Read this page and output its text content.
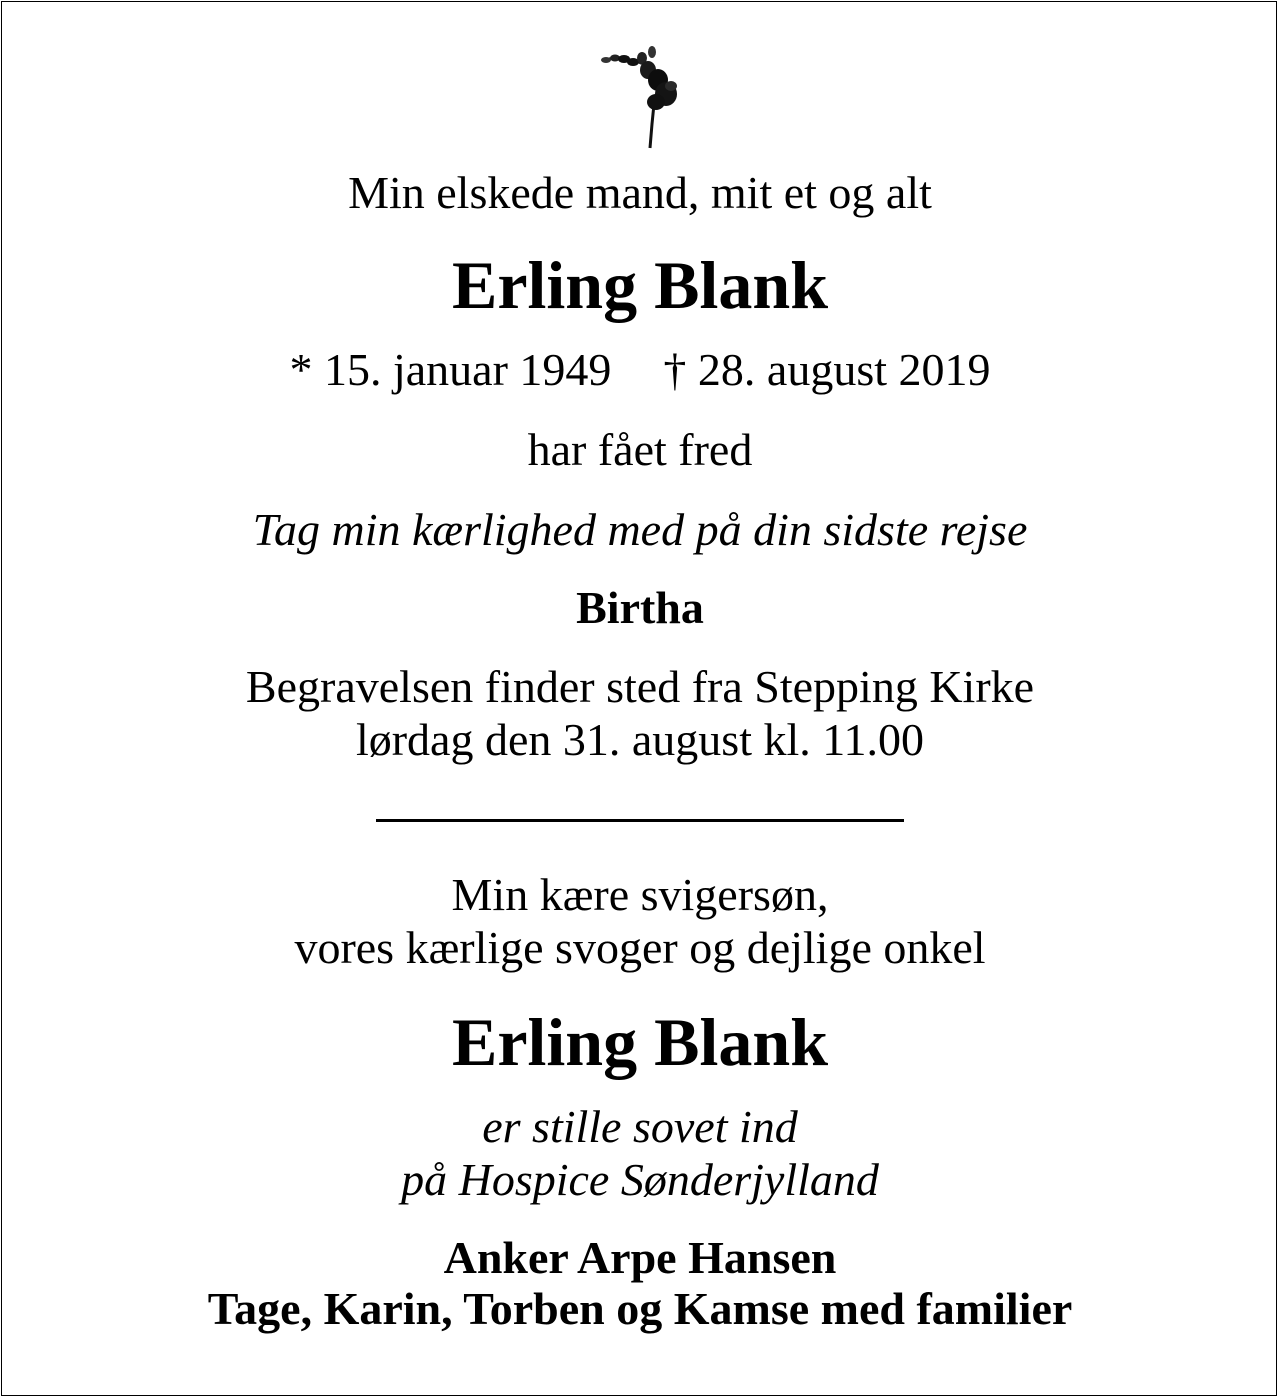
Min elskede mand, mit et og alt

Erling Blank

* 15. januar 1949 † 28. august 2019

har fået fred

Tag min kærlighed med på din sidste rejse

Birtha

Begravelsen finder sted fra Stepping Kirke

lørdag den 31. august kl. 11.00

Min kære svigersøn,

vores kærlige svoger og dejlige onkel

Erling Blank

er stille sovet ind

på Hospice Sønderjylland

Anker Arpe Hansen

Tage, Karin, Torben og Kamse med familier
